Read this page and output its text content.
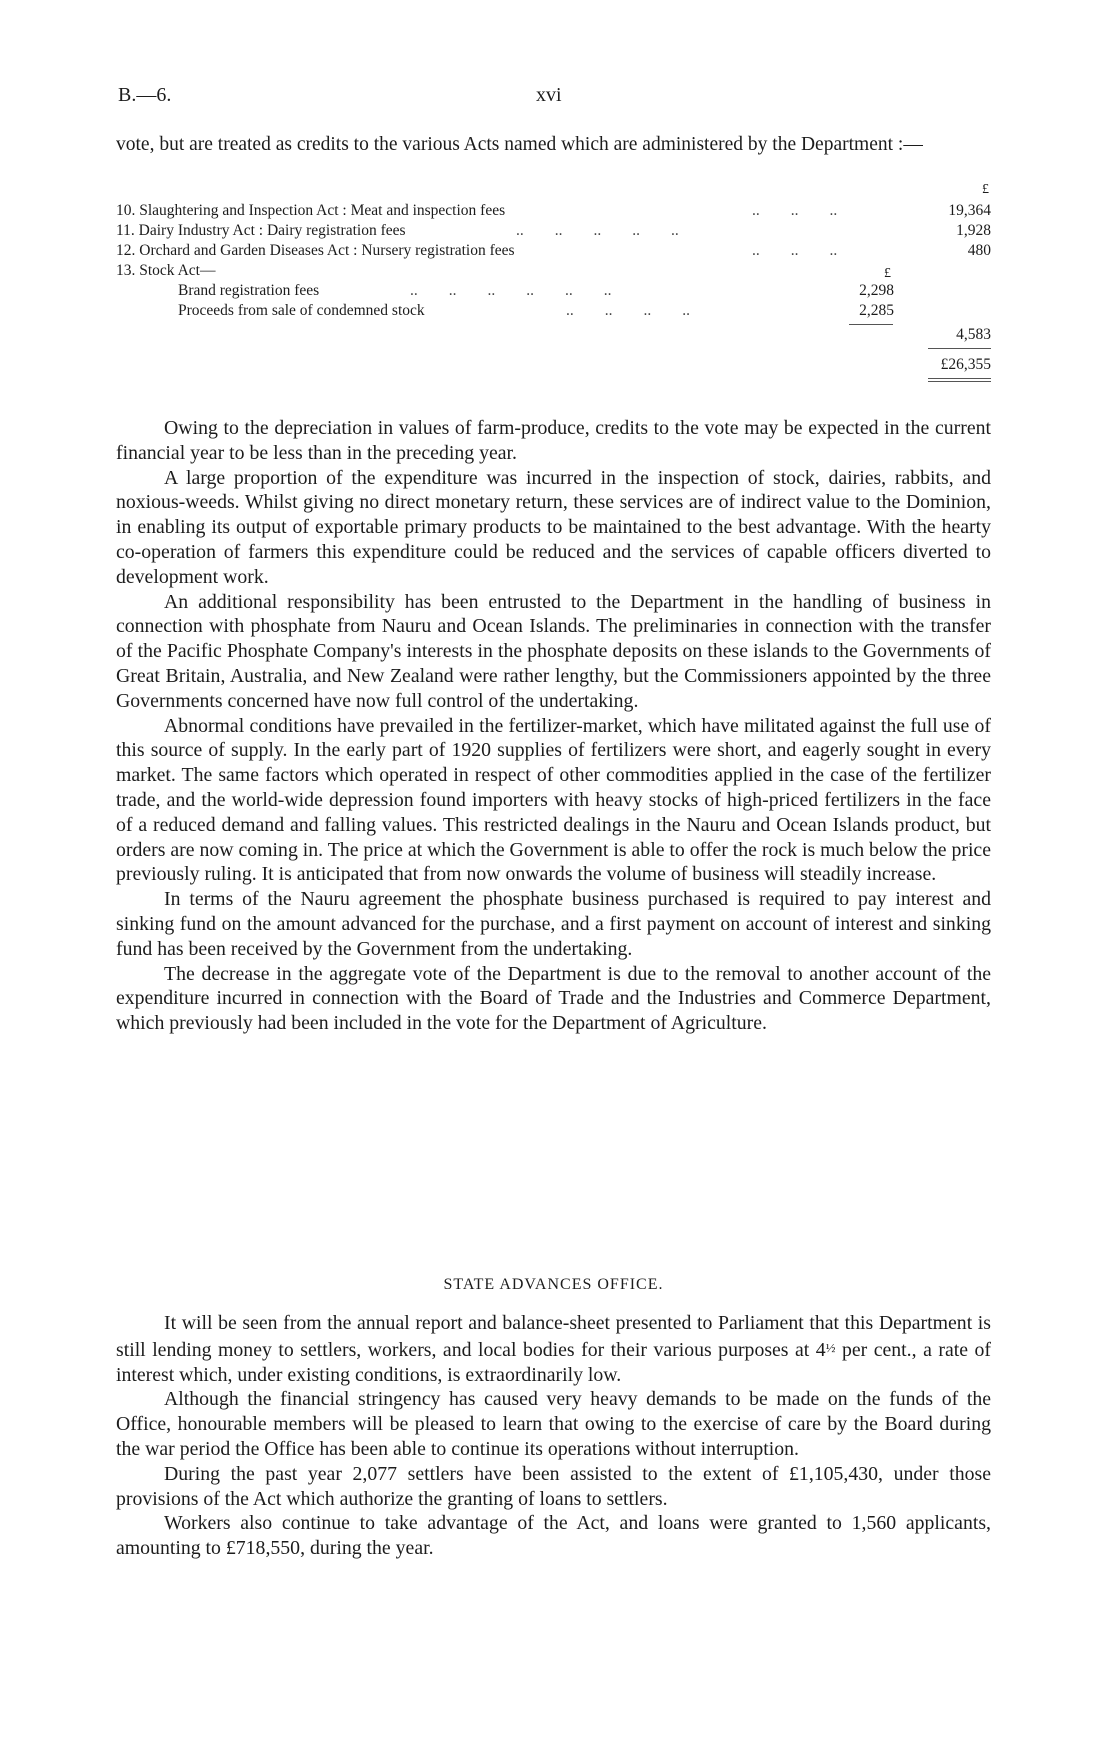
B.—6.	xvi
vote, but are treated as credits to the various Acts named which are administered by the Department :—
£
10. Slaughtering and Inspection Act : Meat and inspection fees	..        ..        ..	19,364
11. Dairy Industry Act : Dairy registration fees	..        ..        ..        ..        ..	1,928
12. Orchard and Garden Diseases Act : Nursery registration fees	..        ..        ..	480
13. Stock Act—	£
Brand registration fees	..        ..        ..        ..        ..        ..	2,298
Proceeds from sale of condemned stock	..        ..        ..        ..	2,285
4,583
£26,355

Owing to the depreciation in values of farm-produce, credits to the vote may be expected in the current financial year to be less than in the preceding year.

A large proportion of the expenditure was incurred in the inspection of stock, dairies, rabbits, and noxious-weeds. Whilst giving no direct monetary return, these services are of indirect value to the Dominion, in enabling its output of exportable primary products to be maintained to the best advantage. With the hearty co-operation of farmers this expenditure could be reduced and the services of capable officers diverted to development work.

An additional responsibility has been entrusted to the Department in the handling of business in connection with phosphate from Nauru and Ocean Islands. The preliminaries in connection with the transfer of the Pacific Phosphate Company's interests in the phosphate deposits on these islands to the Governments of Great Britain, Australia, and New Zealand were rather lengthy, but the Commissioners appointed by the three Governments concerned have now full control of the undertaking.

Abnormal conditions have prevailed in the fertilizer-market, which have militated against the full use of this source of supply. In the early part of 1920 supplies of fertilizers were short, and eagerly sought in every market. The same factors which operated in respect of other commodities applied in the case of the fertilizer trade, and the world-wide depression found importers with heavy stocks of high-priced fertilizers in the face of a reduced demand and falling values. This restricted dealings in the Nauru and Ocean Islands product, but orders are now coming in. The price at which the Government is able to offer the rock is much below the price previously ruling. It is anticipated that from now onwards the volume of business will steadily increase.

In terms of the Nauru agreement the phosphate business purchased is required to pay interest and sinking fund on the amount advanced for the purchase, and a first payment on account of interest and sinking fund has been received by the Government from the undertaking.

The decrease in the aggregate vote of the Department is due to the removal to another account of the expenditure incurred in connection with the Board of Trade and the Industries and Commerce Department, which previously had been included in the vote for the Department of Agriculture.

STATE ADVANCES OFFICE.

It will be seen from the annual report and balance-sheet presented to Parliament that this Department is still lending money to settlers, workers, and local bodies for their various purposes at $4^{\frac{1}{2}}$ per cent., a rate of interest which, under existing conditions, is extraordinarily low.

Although the financial stringency has caused very heavy demands to be made on the funds of the Office, honourable members will be pleased to learn that owing to the exercise of care by the Board during the war period the Office has been able to continue its operations without interruption.

During the past year 2,077 settlers have been assisted to the extent of £1,105,430, under those provisions of the Act which authorize the granting of loans to settlers.

Workers also continue to take advantage of the Act, and loans were granted to 1,560 applicants, amounting to £718,550, during the year.
